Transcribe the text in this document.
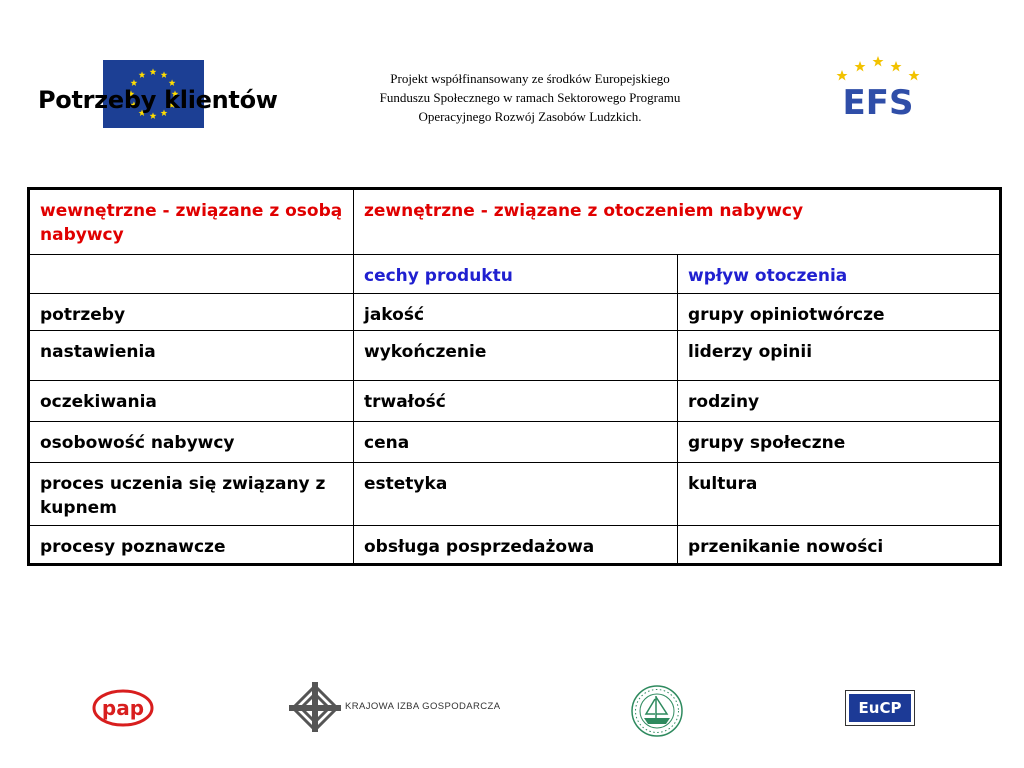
Potrzeby klientów
Projekt współfinansowany ze środków Europejskiego
Funduszu Społecznego w ramach Sektorowego Programu
Operacyjnego Rozwój Zasobów Ludzkich.	EFS
wewnętrzne - związane z osobą nabywcy	zewnętrzne - związane z otoczeniem nabywcy	
	cechy produktu	wpływ otoczenia
potrzeby	jakość	grupy opiniotwórcze
nastawienia	wykończenie	liderzy opinii
oczekiwania	trwałość	rodziny
osobowość nabywcy	cena	grupy społeczne
proces uczenia się związany z kupnem	estetyka	kultura
procesy poznawcze	obsługa posprzedażowa	przenikanie nowości
pap	KRAJOWA IZBA GOSPODARCZA	EuCP
